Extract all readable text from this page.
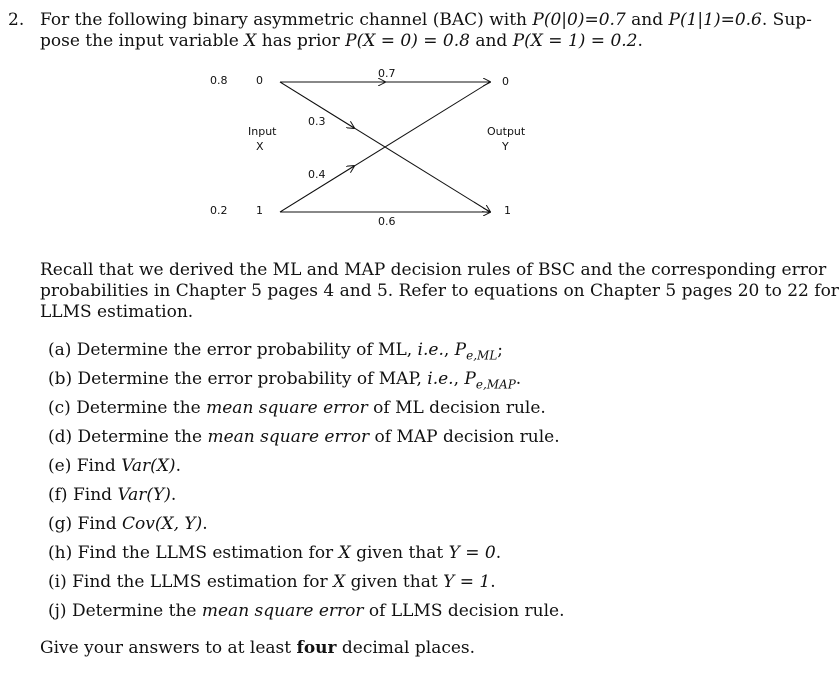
2. For the following binary asymmetric channel (BAC) with P(0|0)=0.7 and P(1|1)=0.6. Sup-
pose the input variable X has prior P(X = 0) = 0.8 and P(X = 1) = 0.2.
0.8	0
0.2	1
Input
X
0
1
Output
Y
0.7
0.3
0.4
0.6
Recall that we derived the ML and MAP decision rules of BSC and the corresponding error
probabilities in Chapter 5 pages 4 and 5. Refer to equations on Chapter 5 pages 20 to 22 for
LLMS estimation.
(a) Determine the error probability of ML, i.e., $P_{e,ML}$;
(b) Determine the error probability of MAP, i.e., $P_{e,MAP}$.
(c) Determine the mean square error of ML decision rule.
(d) Determine the mean square error of MAP decision rule.
(e) Find Var(X).
(f) Find Var(Y).
(g) Find Cov(X, Y).
(h) Find the LLMS estimation for X given that Y = 0.
(i) Find the LLMS estimation for X given that Y = 1.
(j) Determine the mean square error of LLMS decision rule.
Give your answers to at least four decimal places.
